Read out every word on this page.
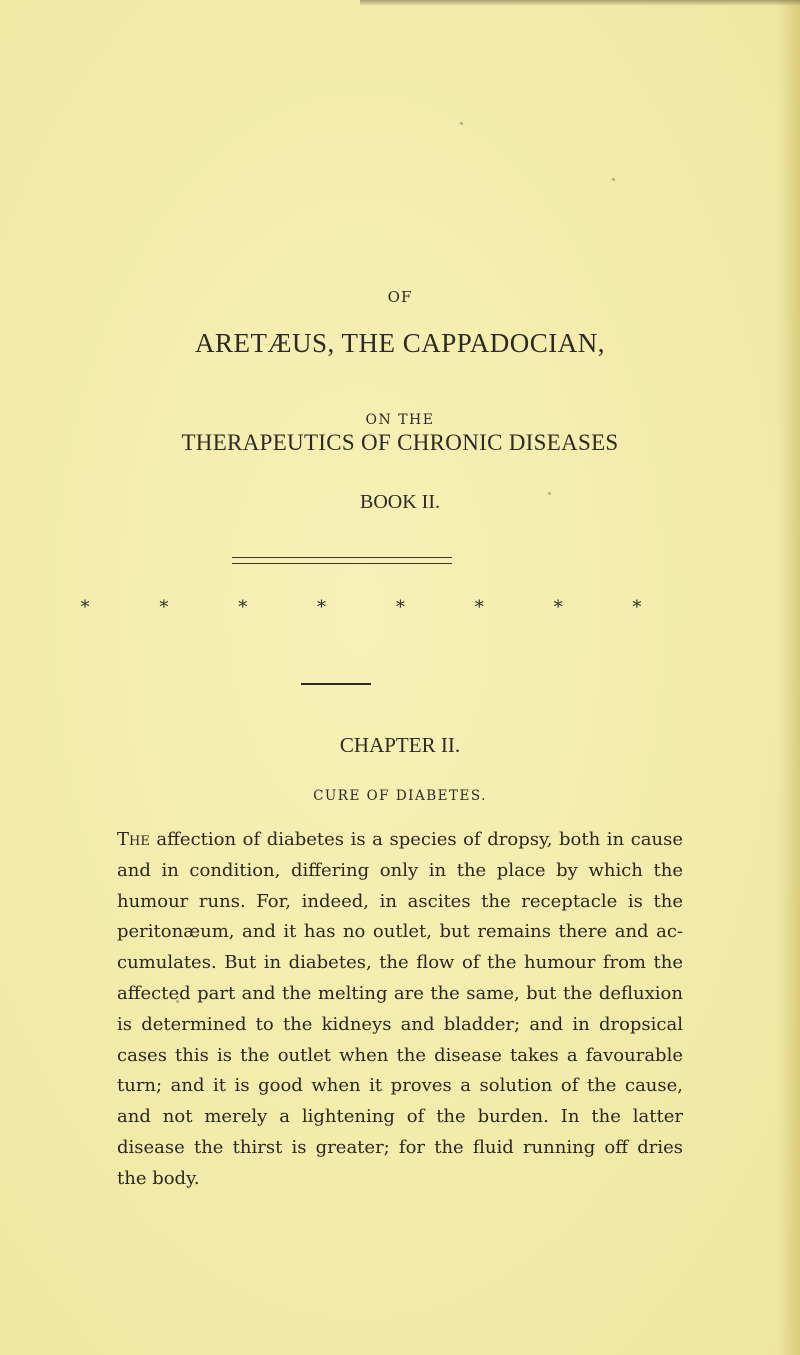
OF
ARETÆUS, THE CAPPADOCIAN,
ON THE
THERAPEUTICS OF CHRONIC DISEASES
BOOK II.
*	*	*	*	*	*	*	*
CHAPTER II.
CURE OF DIABETES.
The affection of diabetes is a species of dropsy, both in cause
and in condition, differing only in the place by which the
humour runs. For, indeed, in ascites the receptacle is the
peritonæum, and it has no outlet, but remains there and ac-
cumulates. But in diabetes, the flow of the humour from the
affected part and the melting are the same, but the defluxion
is determined to the kidneys and bladder; and in dropsical
cases this is the outlet when the disease takes a favourable
turn; and it is good when it proves a solution of the cause,
and not merely a lightening of the burden. In the latter
disease the thirst is greater; for the fluid running off dries
the body.
